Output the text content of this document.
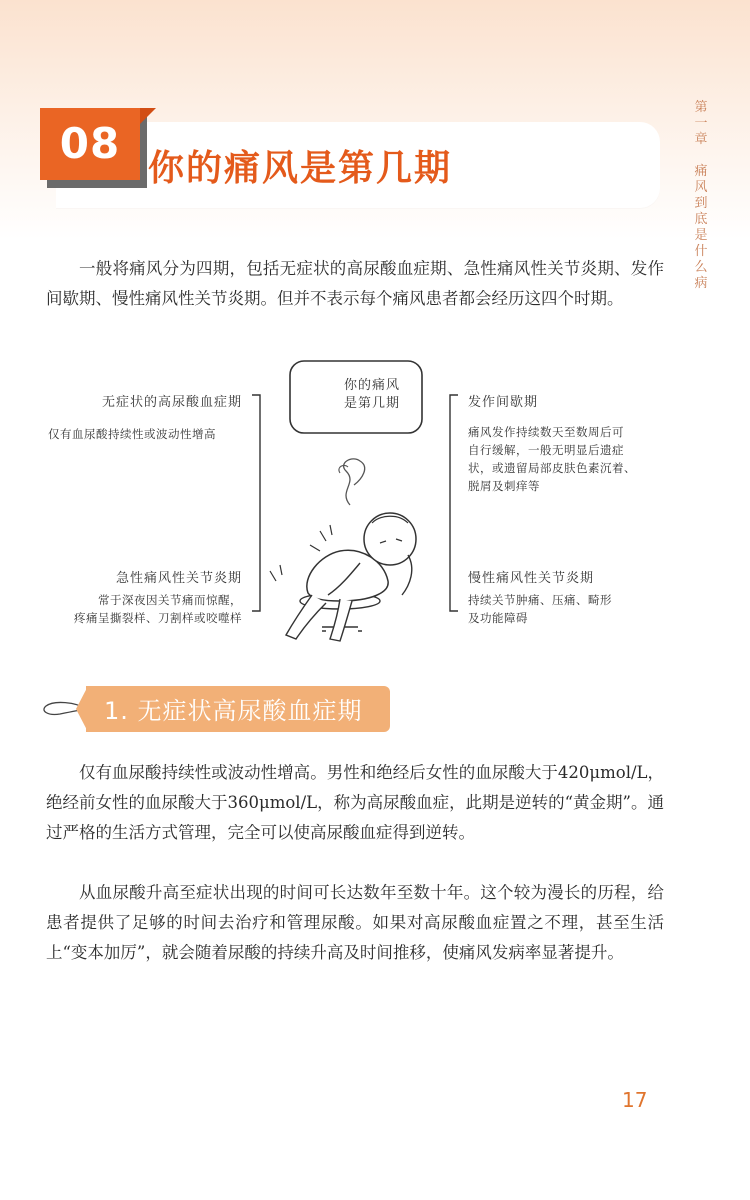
08
你的痛风是第几期
第一章
痛风到底是什么病
一般将痛风分为四期，包括无症状的高尿酸血症期、急性痛风性关节炎期、发作间歇期、慢性痛风性关节炎期。但并不表示每个痛风患者都会经历这四个时期。
你的痛风
是第几期
无症状的高尿酸血症期
仅有血尿酸持续性或波动性增高
急性痛风性关节炎期
常于深夜因关节痛而惊醒，
疼痛呈撕裂样、刀割样或咬噬样
发作间歇期
痛风发作持续数天至数周后可
自行缓解，一般无明显后遗症
状，或遗留局部皮肤色素沉着、
脱屑及刺痒等
慢性痛风性关节炎期
持续关节肿痛、压痛、畸形
及功能障碍
1. 无症状高尿酸血症期
仅有血尿酸持续性或波动性增高。男性和绝经后女性的血尿酸大于420μmol/L，绝经前女性的血尿酸大于360μmol/L，称为高尿酸血症，此期是逆转的“黄金期”。通过严格的生活方式管理，完全可以使高尿酸血症得到逆转。
从血尿酸升高至症状出现的时间可长达数年至数十年。这个较为漫长的历程，给患者提供了足够的时间去治疗和管理尿酸。如果对高尿酸血症置之不理，甚至生活上“变本加厉”，就会随着尿酸的持续升高及时间推移，使痛风发病率显著提升。
17
